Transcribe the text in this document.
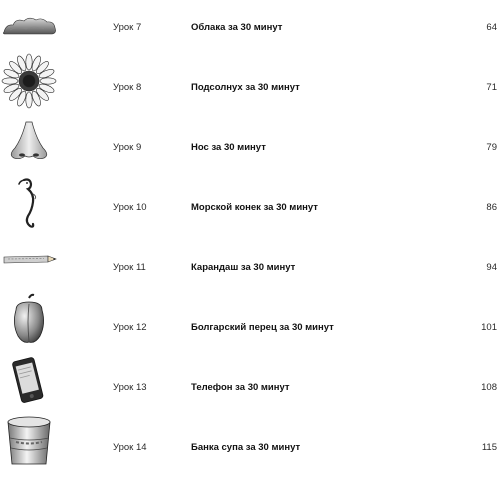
Урок 7	Облака за 30 минут	64
Урок 8	Подсолнух за 30 минут	71
Урок 9	Нос за 30 минут	79
Урок 10	Морской конек за 30 минут	86
Урок 11	Карандаш за 30 минут	94
Урок 12	Болгарский перец за 30 минут	101
Урок 13	Телефон за 30 минут	108
Урок 14	Банка супа за 30 минут	115
